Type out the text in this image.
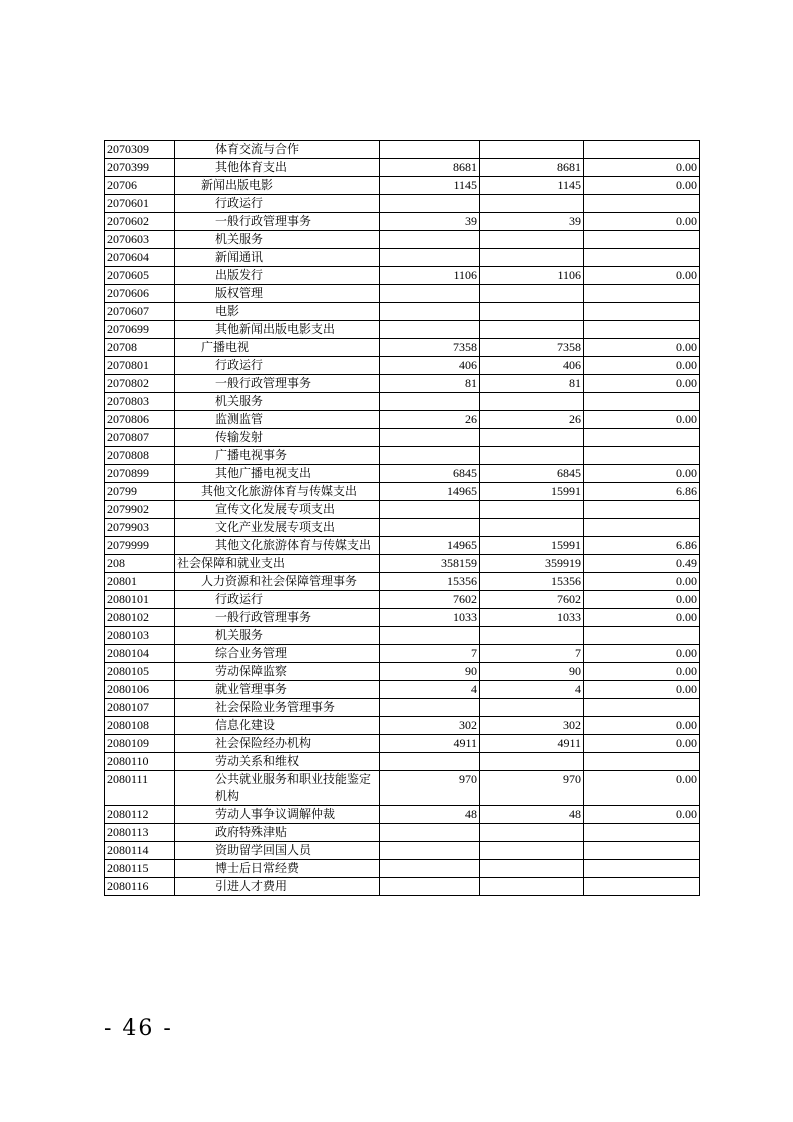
2070309	体育交流与合作			
2070399	其他体育支出	8681	8681	0.00
20706	新闻出版电影	1145	1145	0.00
2070601	行政运行			
2070602	一般行政管理事务	39	39	0.00
2070603	机关服务			
2070604	新闻通讯			
2070605	出版发行	1106	1106	0.00
2070606	版权管理			
2070607	电影			
2070699	其他新闻出版电影支出			
20708	广播电视	7358	7358	0.00
2070801	行政运行	406	406	0.00
2070802	一般行政管理事务	81	81	0.00
2070803	机关服务			
2070806	监测监管	26	26	0.00
2070807	传输发射			
2070808	广播电视事务			
2070899	其他广播电视支出	6845	6845	0.00
20799	其他文化旅游体育与传媒支出	14965	15991	6.86
2079902	宣传文化发展专项支出			
2079903	文化产业发展专项支出			
2079999	其他文化旅游体育与传媒支出	14965	15991	6.86
208	社会保障和就业支出	358159	359919	0.49
20801	人力资源和社会保障管理事务	15356	15356	0.00
2080101	行政运行	7602	7602	0.00
2080102	一般行政管理事务	1033	1033	0.00
2080103	机关服务			
2080104	综合业务管理	7	7	0.00
2080105	劳动保障监察	90	90	0.00
2080106	就业管理事务	4	4	0.00
2080107	社会保险业务管理事务			
2080108	信息化建设	302	302	0.00
2080109	社会保险经办机构	4911	4911	0.00
2080110	劳动关系和维权			
2080111	公共就业服务和职业技能鉴定机构	970	970	0.00
2080112	劳动人事争议调解仲裁	48	48	0.00
2080113	政府特殊津贴			
2080114	资助留学回国人员			
2080115	博士后日常经费			
2080116	引进人才费用			
- 46 -
